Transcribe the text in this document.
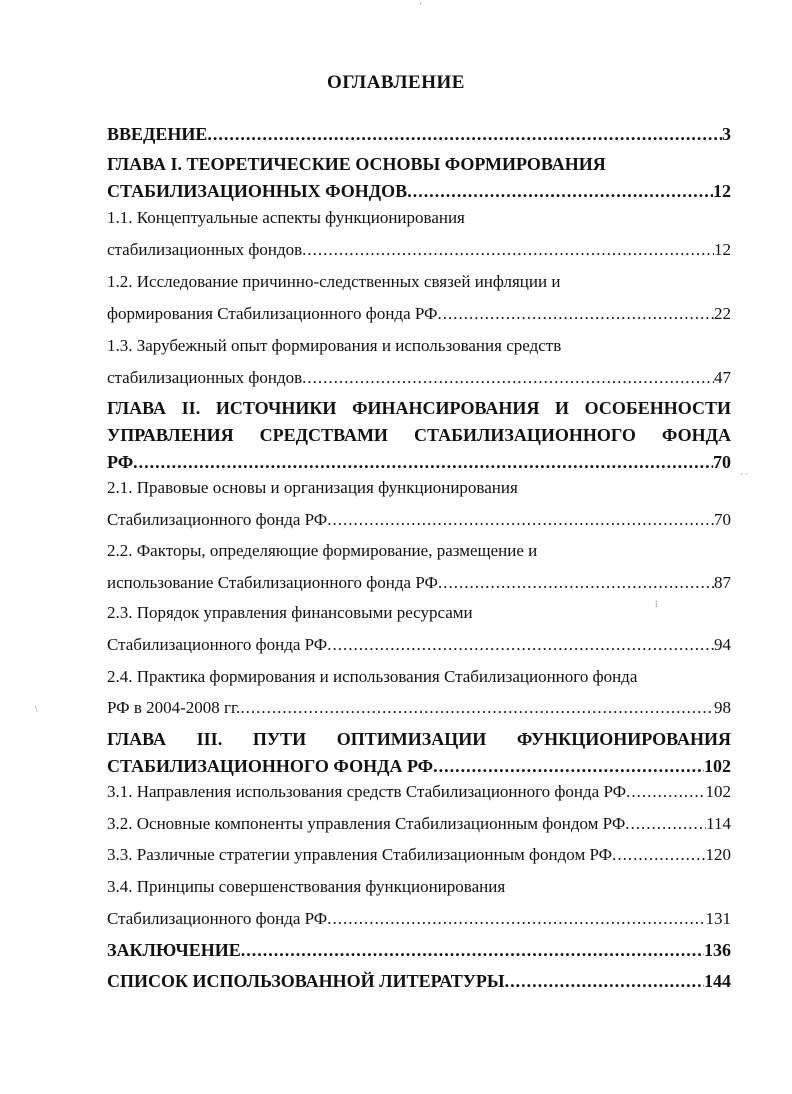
ОГЛАВЛЕНИЕ
ВВЕДЕНИЕ .....	3
ГЛАВА I. ТЕОРЕТИЧЕСКИЕ ОСНОВЫ ФОРМИРОВАНИЯ
СТАБИЛИЗАЦИОННЫХ ФОНДОВ .....	12
1.1. Концептуальные аспекты функционирования
стабилизационных фондов .....	12
1.2. Исследование причинно-следственных связей инфляции и
формирования Стабилизационного фонда РФ .....	22
1.3. Зарубежный опыт формирования и использования средств
стабилизационных фондов .....	47
ГЛАВА II. ИСТОЧНИКИ ФИНАНСИРОВАНИЯ И ОСОБЕННОСТИ
УПРАВЛЕНИЯ СРЕДСТВАМИ СТАБИЛИЗАЦИОННОГО ФОНДА
РФ .....	70
2.1. Правовые основы и организация функционирования
Стабилизационного фонда РФ .....	70
2.2. Факторы, определяющие формирование, размещение и
использование Стабилизационного фонда РФ .....	87
2.3. Порядок управления финансовыми ресурсами
Стабилизационного фонда РФ .....	94
2.4. Практика формирования и использования Стабилизационного фонда
РФ в 2004-2008 гг. .....	98
ГЛАВА III. ПУТИ ОПТИМИЗАЦИИ ФУНКЦИОНИРОВАНИЯ
СТАБИЛИЗАЦИОННОГО ФОНДА РФ .....	102
3.1. Направления использования средств Стабилизационного фонда РФ .....	102
3.2. Основные компоненты управления Стабилизационным фондом РФ .....	114
3.3. Различные стратегии управления Стабилизационным фондом РФ .....	120
3.4. Принципы совершенствования функционирования
Стабилизационного фонда РФ .....	131
ЗАКЛЮЧЕНИЕ .....	136
СПИСОК ИСПОЛЬЗОВАННОЙ ЛИТЕРАТУРЫ .....	144
'
· ·
⁞
\
